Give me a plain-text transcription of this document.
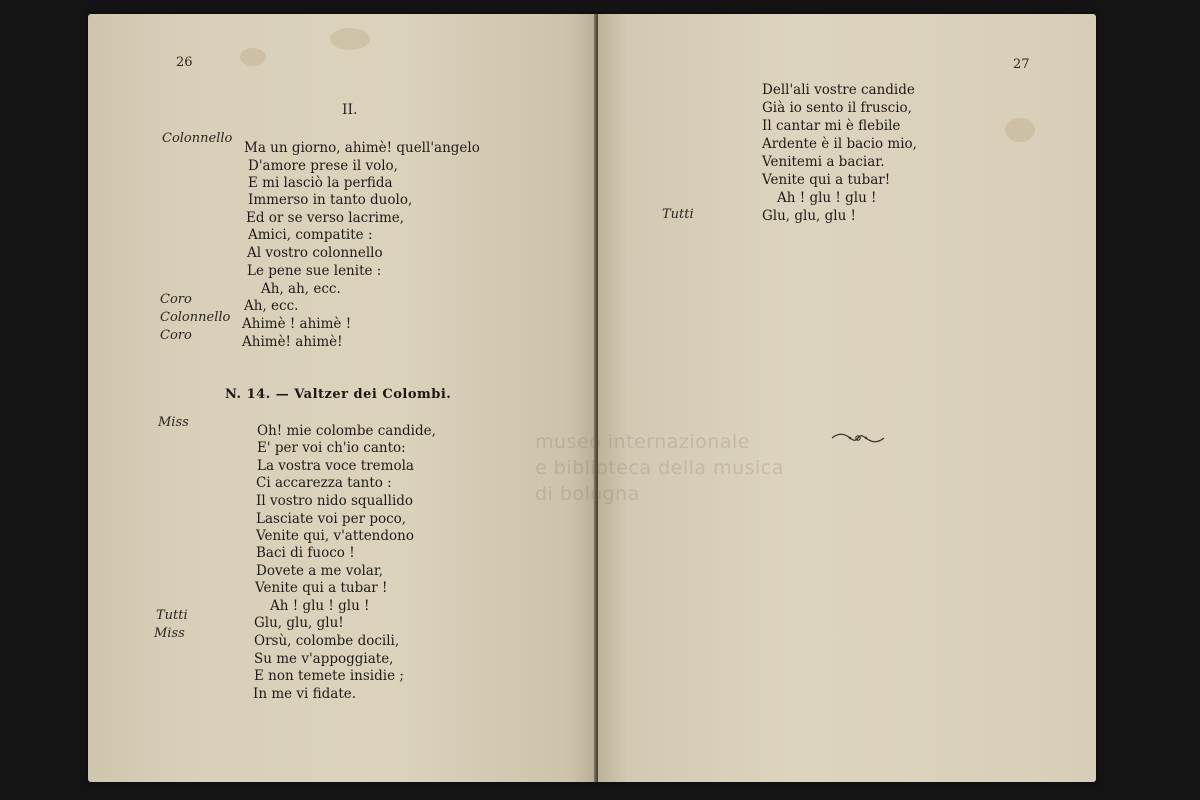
museo internazionale
e biblioteca della musica
di bologna
26
II.
Colonnello
Coro
Colonnello
Coro
Ma un giorno, ahimè! quell'angelo
D'amore prese il volo,
E mi lasciò la perfida
Immerso in tanto duolo,
Ed or se verso lacrime,
Amici, compatite :
Al vostro colonnello
Le pene sue lenite :
Ah, ah, ecc.
Ah, ecc.
Ahimè ! ahimè !
Ahimè! ahimè!
N. 14. — Valtzer dei Colombi.
Miss
Tutti
Miss
Oh! mie colombe candide,
E' per voi ch'io canto:
La vostra voce tremola
Ci accarezza tanto :
Il vostro nido squallido
Lasciate voi per poco,
Venite qui, v'attendono
Baci di fuoco !
Dovete a me volar,
Venite qui a tubar !
Ah ! glu ! glu !
Glu, glu, glu!
Orsù, colombe docili,
Su me v'appoggiate,
E non temete insidie ;
In me vi fidate.
27
Tutti
Dell'ali vostre candide
Già io sento il fruscio,
Il cantar mi è flebile
Ardente è il bacio mio,
Venitemi a baciar.
Venite qui a tubar!
Ah ! glu ! glu !
Glu, glu, glu !
